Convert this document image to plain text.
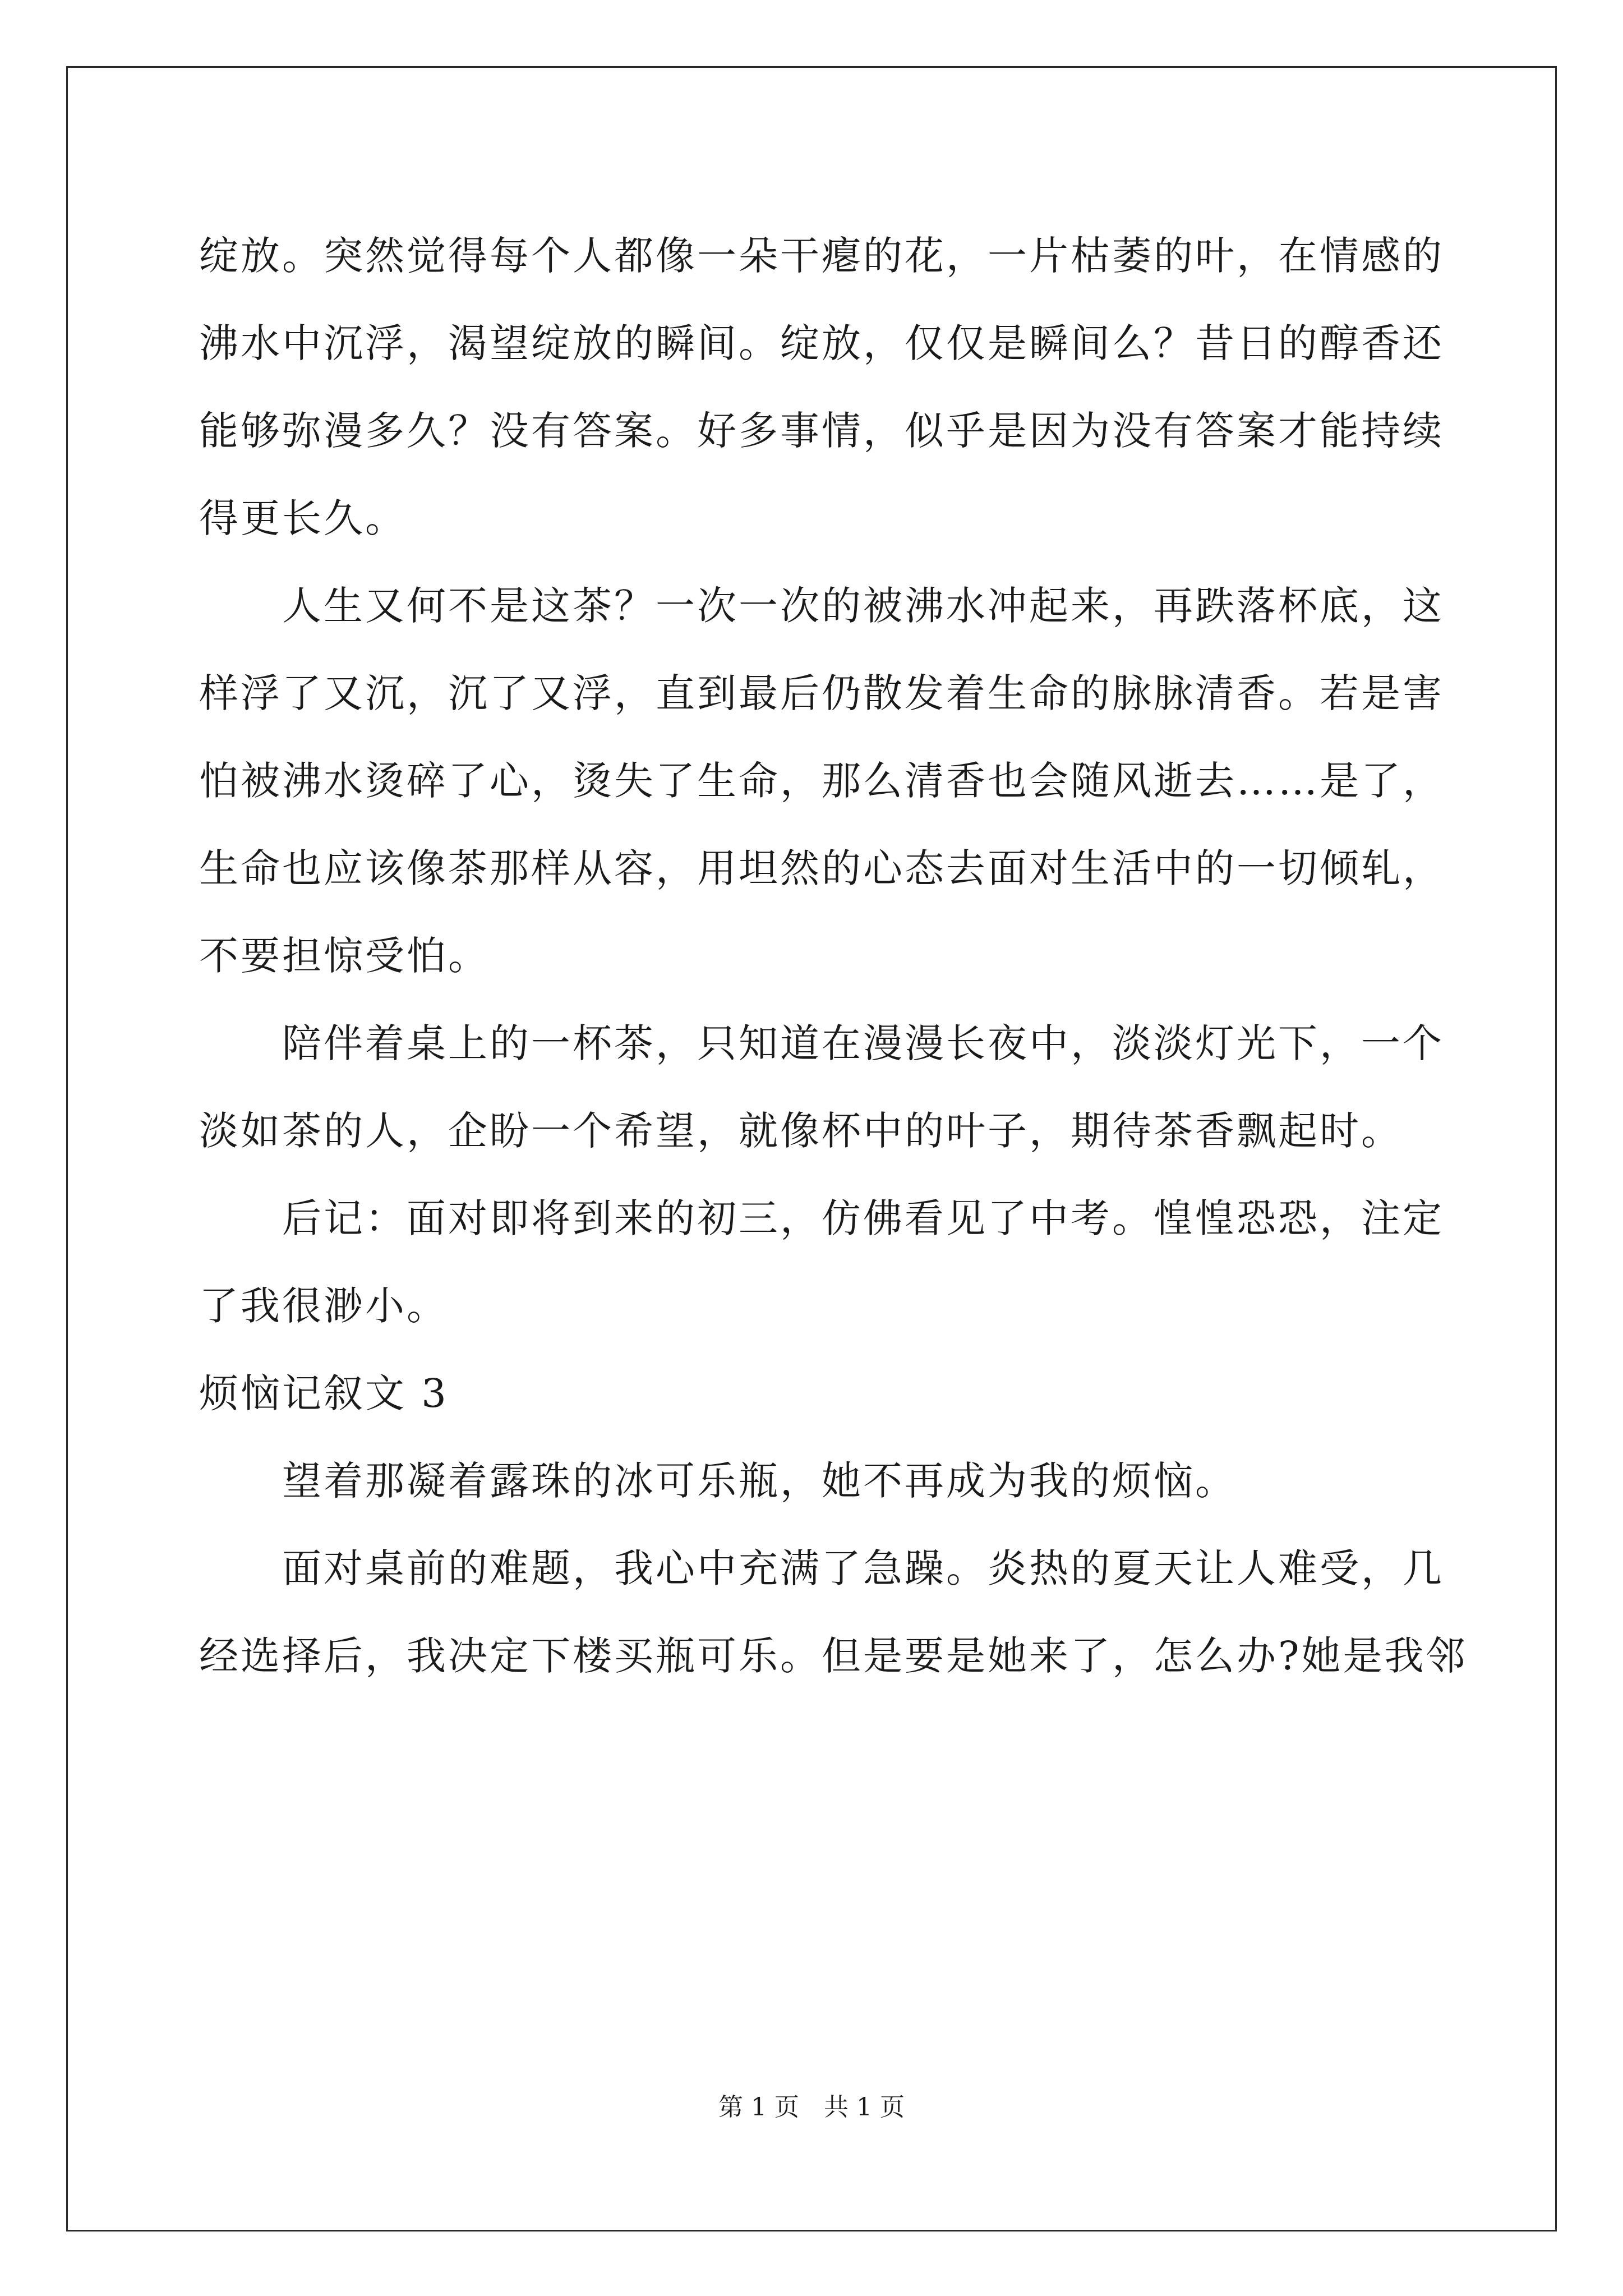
绽放。突然觉得每个人都像一朵干瘪的花，一片枯萎的叶，在情感的
沸水中沉浮，渴望绽放的瞬间。绽放，仅仅是瞬间么？昔日的醇香还
能够弥漫多久？没有答案。好多事情，似乎是因为没有答案才能持续
得更长久。
　　人生又何不是这茶？一次一次的被沸水冲起来，再跌落杯底，这
样浮了又沉，沉了又浮，直到最后仍散发着生命的脉脉清香。若是害
怕被沸水烫碎了心，烫失了生命，那么清香也会随风逝去……是了，
生命也应该像茶那样从容，用坦然的心态去面对生活中的一切倾轧，
不要担惊受怕。
　　陪伴着桌上的一杯茶，只知道在漫漫长夜中，淡淡灯光下，一个
淡如茶的人，企盼一个希望，就像杯中的叶子，期待茶香飘起时。
　　后记：面对即将到来的初三，仿佛看见了中考。惶惶恐恐，注定
了我很渺小。
烦恼记叙文 3
　　望着那凝着露珠的冰可乐瓶，她不再成为我的烦恼。
　　面对桌前的难题，我心中充满了急躁。炎热的夏天让人难受，几
经选择后，我决定下楼买瓶可乐。但是要是她来了，怎么办?她是我邻
第 1 页　共 1 页
